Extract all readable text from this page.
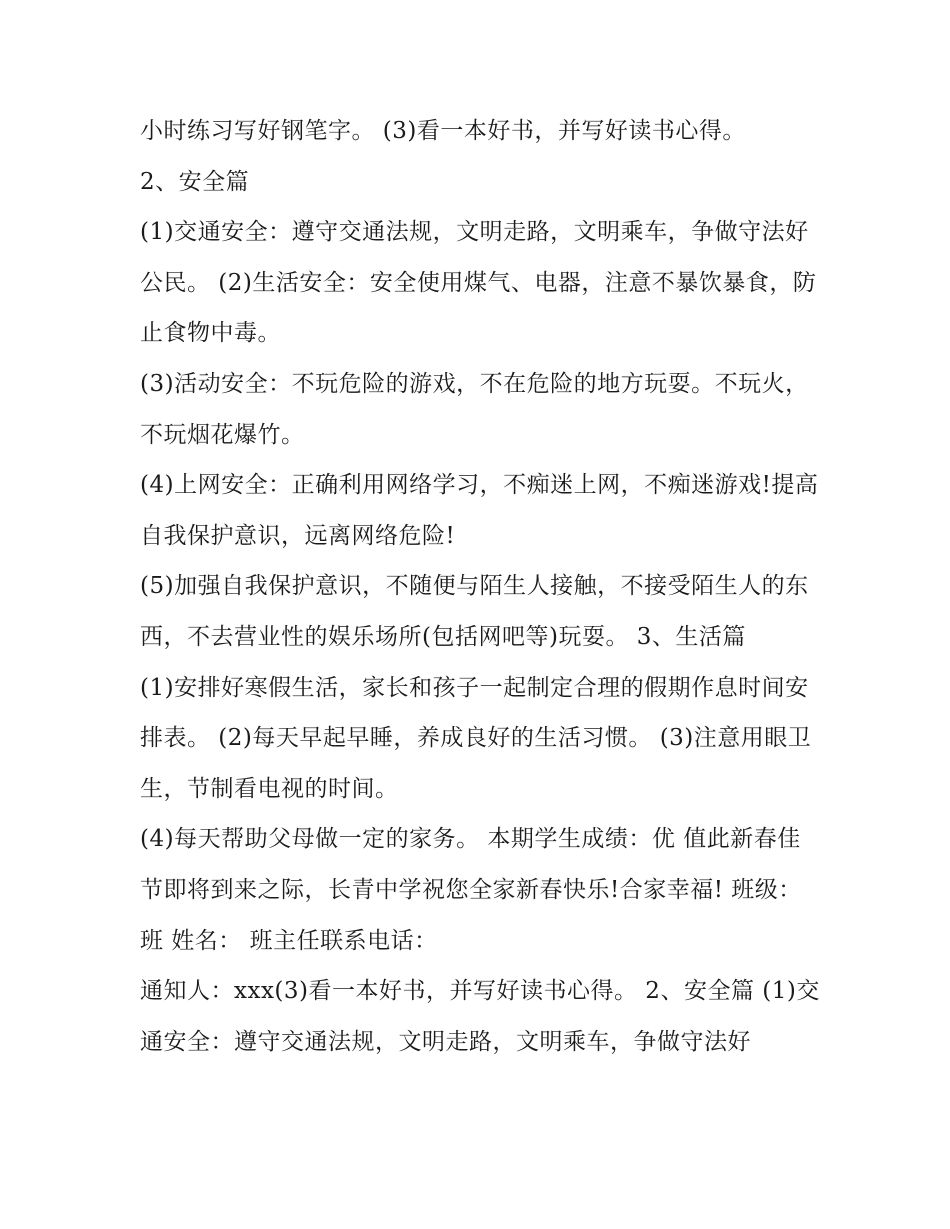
小时练习写好钢笔字。 (3)看一本好书，并写好读书心得。

2、安全篇

(1)交通安全：遵守交通法规，文明走路，文明乘车，争做守法好公民。 (2)生活安全：安全使用煤气、电器，注意不暴饮暴食，防止食物中毒。

(3)活动安全：不玩危险的游戏，不在危险的地方玩耍。不玩火，不玩烟花爆竹。

(4)上网安全：正确利用网络学习，不痴迷上网，不痴迷游戏!提高自我保护意识，远离网络危险!

(5)加强自我保护意识，不随便与陌生人接触，不接受陌生人的东西，不去营业性的娱乐场所(包括网吧等)玩耍。 3、生活篇

(1)安排好寒假生活，家长和孩子一起制定合理的假期作息时间安排表。 (2)每天早起早睡，养成良好的生活习惯。 (3)注意用眼卫生，节制看电视的时间。

(4)每天帮助父母做一定的家务。 本期学生成绩：优 值此新春佳节即将到来之际，长青中学祝您全家新春快乐!合家幸福! 班级： 班 姓名： 班主任联系电话：

通知人：xxx(3)看一本好书，并写好读书心得。 2、安全篇 (1)交通安全：遵守交通法规，文明走路，文明乘车，争做守法好
